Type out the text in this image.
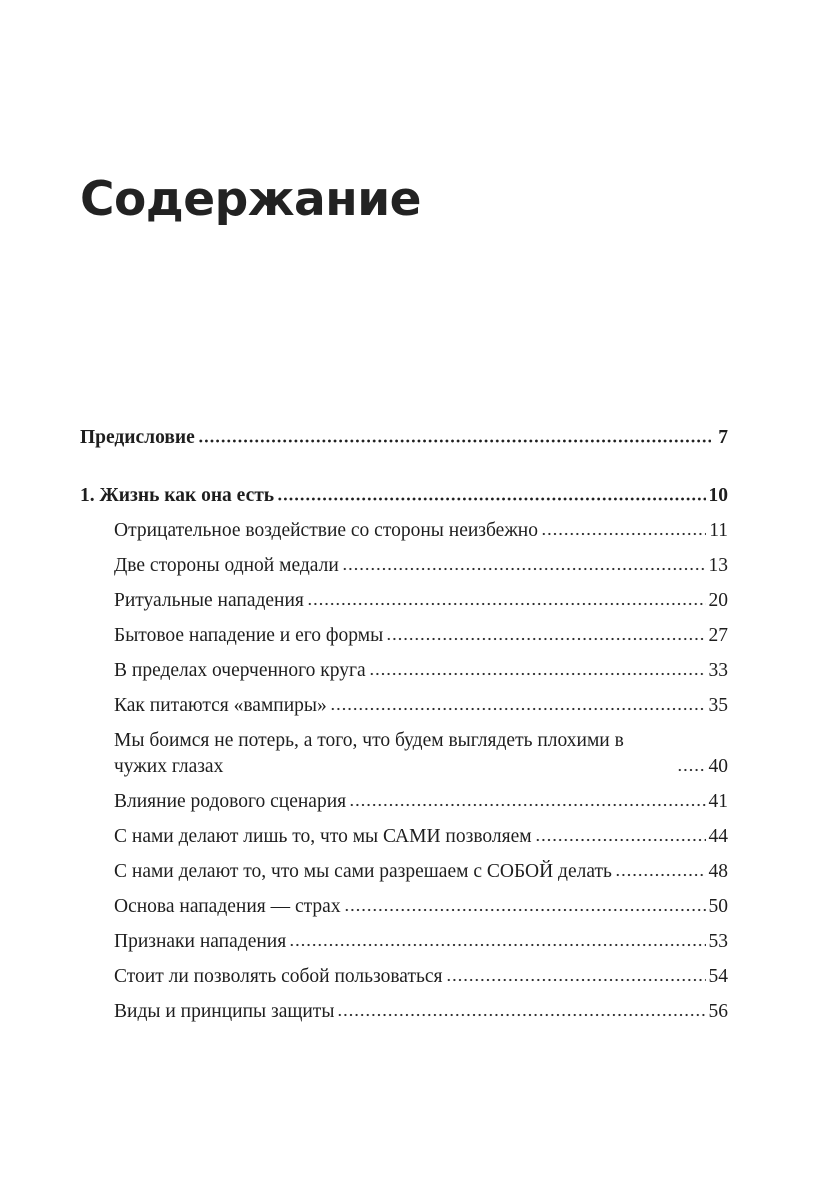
Содержание
Предисловие	7
1. Жизнь как она есть	10
Отрицательное воздействие со стороны неизбежно	11
Две стороны одной медали	13
Ритуальные нападения	20
Бытовое нападение и его формы	27
В пределах очерченного круга	33
Как питаются «вампиры»	35
Мы боимся не потерь, а того, что будем выглядеть плохими в чужих глазах	40
Влияние родового сценария	41
С нами делают лишь то, что мы САМИ позволяем	44
С нами делают то, что мы сами разрешаем с СОБОЙ делать	48
Основа нападения — страх	50
Признаки нападения	53
Стоит ли позволять собой пользоваться	54
Виды и принципы защиты	56
